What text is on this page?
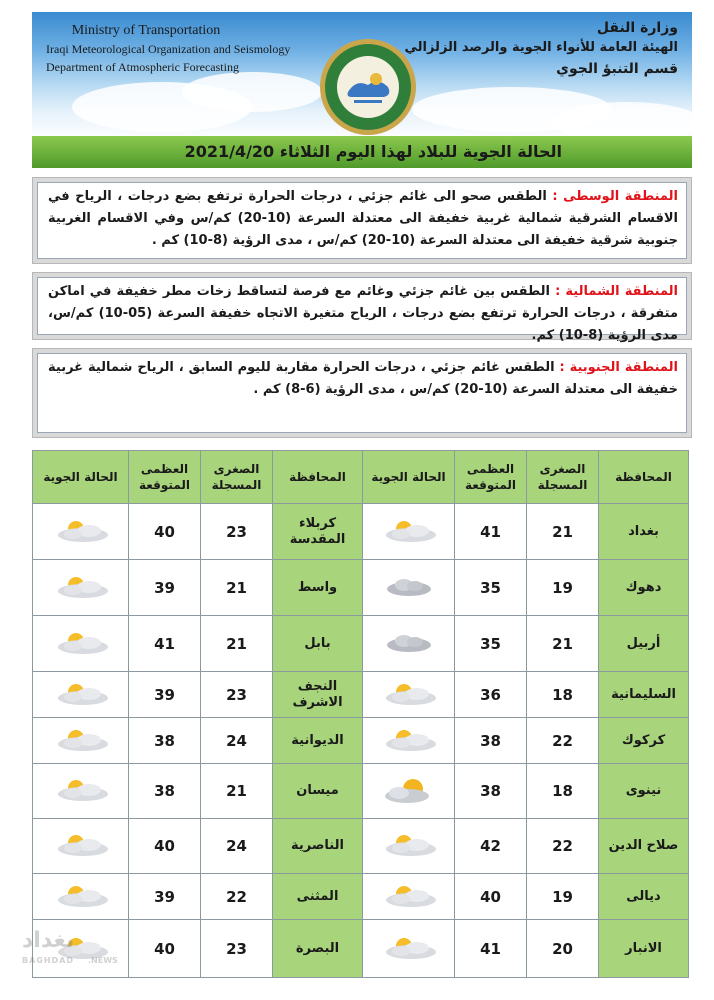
Ministry of Transportation
Iraqi Meteorological Organization and Seismology
Department of Atmospheric Forecasting
وزارة النقل
الهيئة العامة للأنواء الجوية والرصد الزلزالي
قسم التنبؤ الجوي
الحالة الجوية للبلاد لهذا اليوم الثلاثاء 2021/4/20
المنطقة الوسطى : الطقس صحو الى غائم جزئي ، درجات الحرارة ترتفع بضع درجات ، الرياح في الاقسام الشرقية شمالية غربية خفيفة الى معتدلة السرعة (10-20) كم/س وفي الاقسام الغربية جنوبية شرقية خفيفة الى معتدلة السرعة (10-20) كم/س ، مدى الرؤية (8-10) كم .
المنطقة الشمالية : الطقس بين غائم جزئي وغائم مع فرصة لتساقط زخات مطر خفيفة في اماكن متفرقة ، درجات الحرارة ترتفع بضع درجات ، الرياح متغيرة الاتجاه خفيفة السرعة (05-10) كم/س، مدى الرؤية (8-10) كم.
المنطقة الجنوبية : الطقس غائم جزئي ، درجات الحرارة مقاربة لليوم السابق ، الرياح شمالية غربية خفيفة الى معتدلة السرعة (10-20) كم/س ، مدى الرؤية (6-8) كم .
المحافظة	الصغرى المسجلة	العظمى المتوقعة	الحالة الجوية	المحافظة	الصغرى المسجلة	العظمى المتوقعة	الحالة الجوية
بغداد	21	41		كربلاء المقدسة	23	40	

دهوك	19	35		واسط	21	39	

أربيل	21	35		بابل	21	41	

السليمانية	18	36		النجف الاشرف	23	39	

كركوك	22	38		الديوانية	24	38	

نينوى	18	38		ميسان	21	38	

صلاح الدين	22	42		الناصرية	24	40	

ديالى	19	40		المثنى	22	39	

الانبار	20	41		البصرة	23	40	
ىغداد
BAGHDAD .NEWS
